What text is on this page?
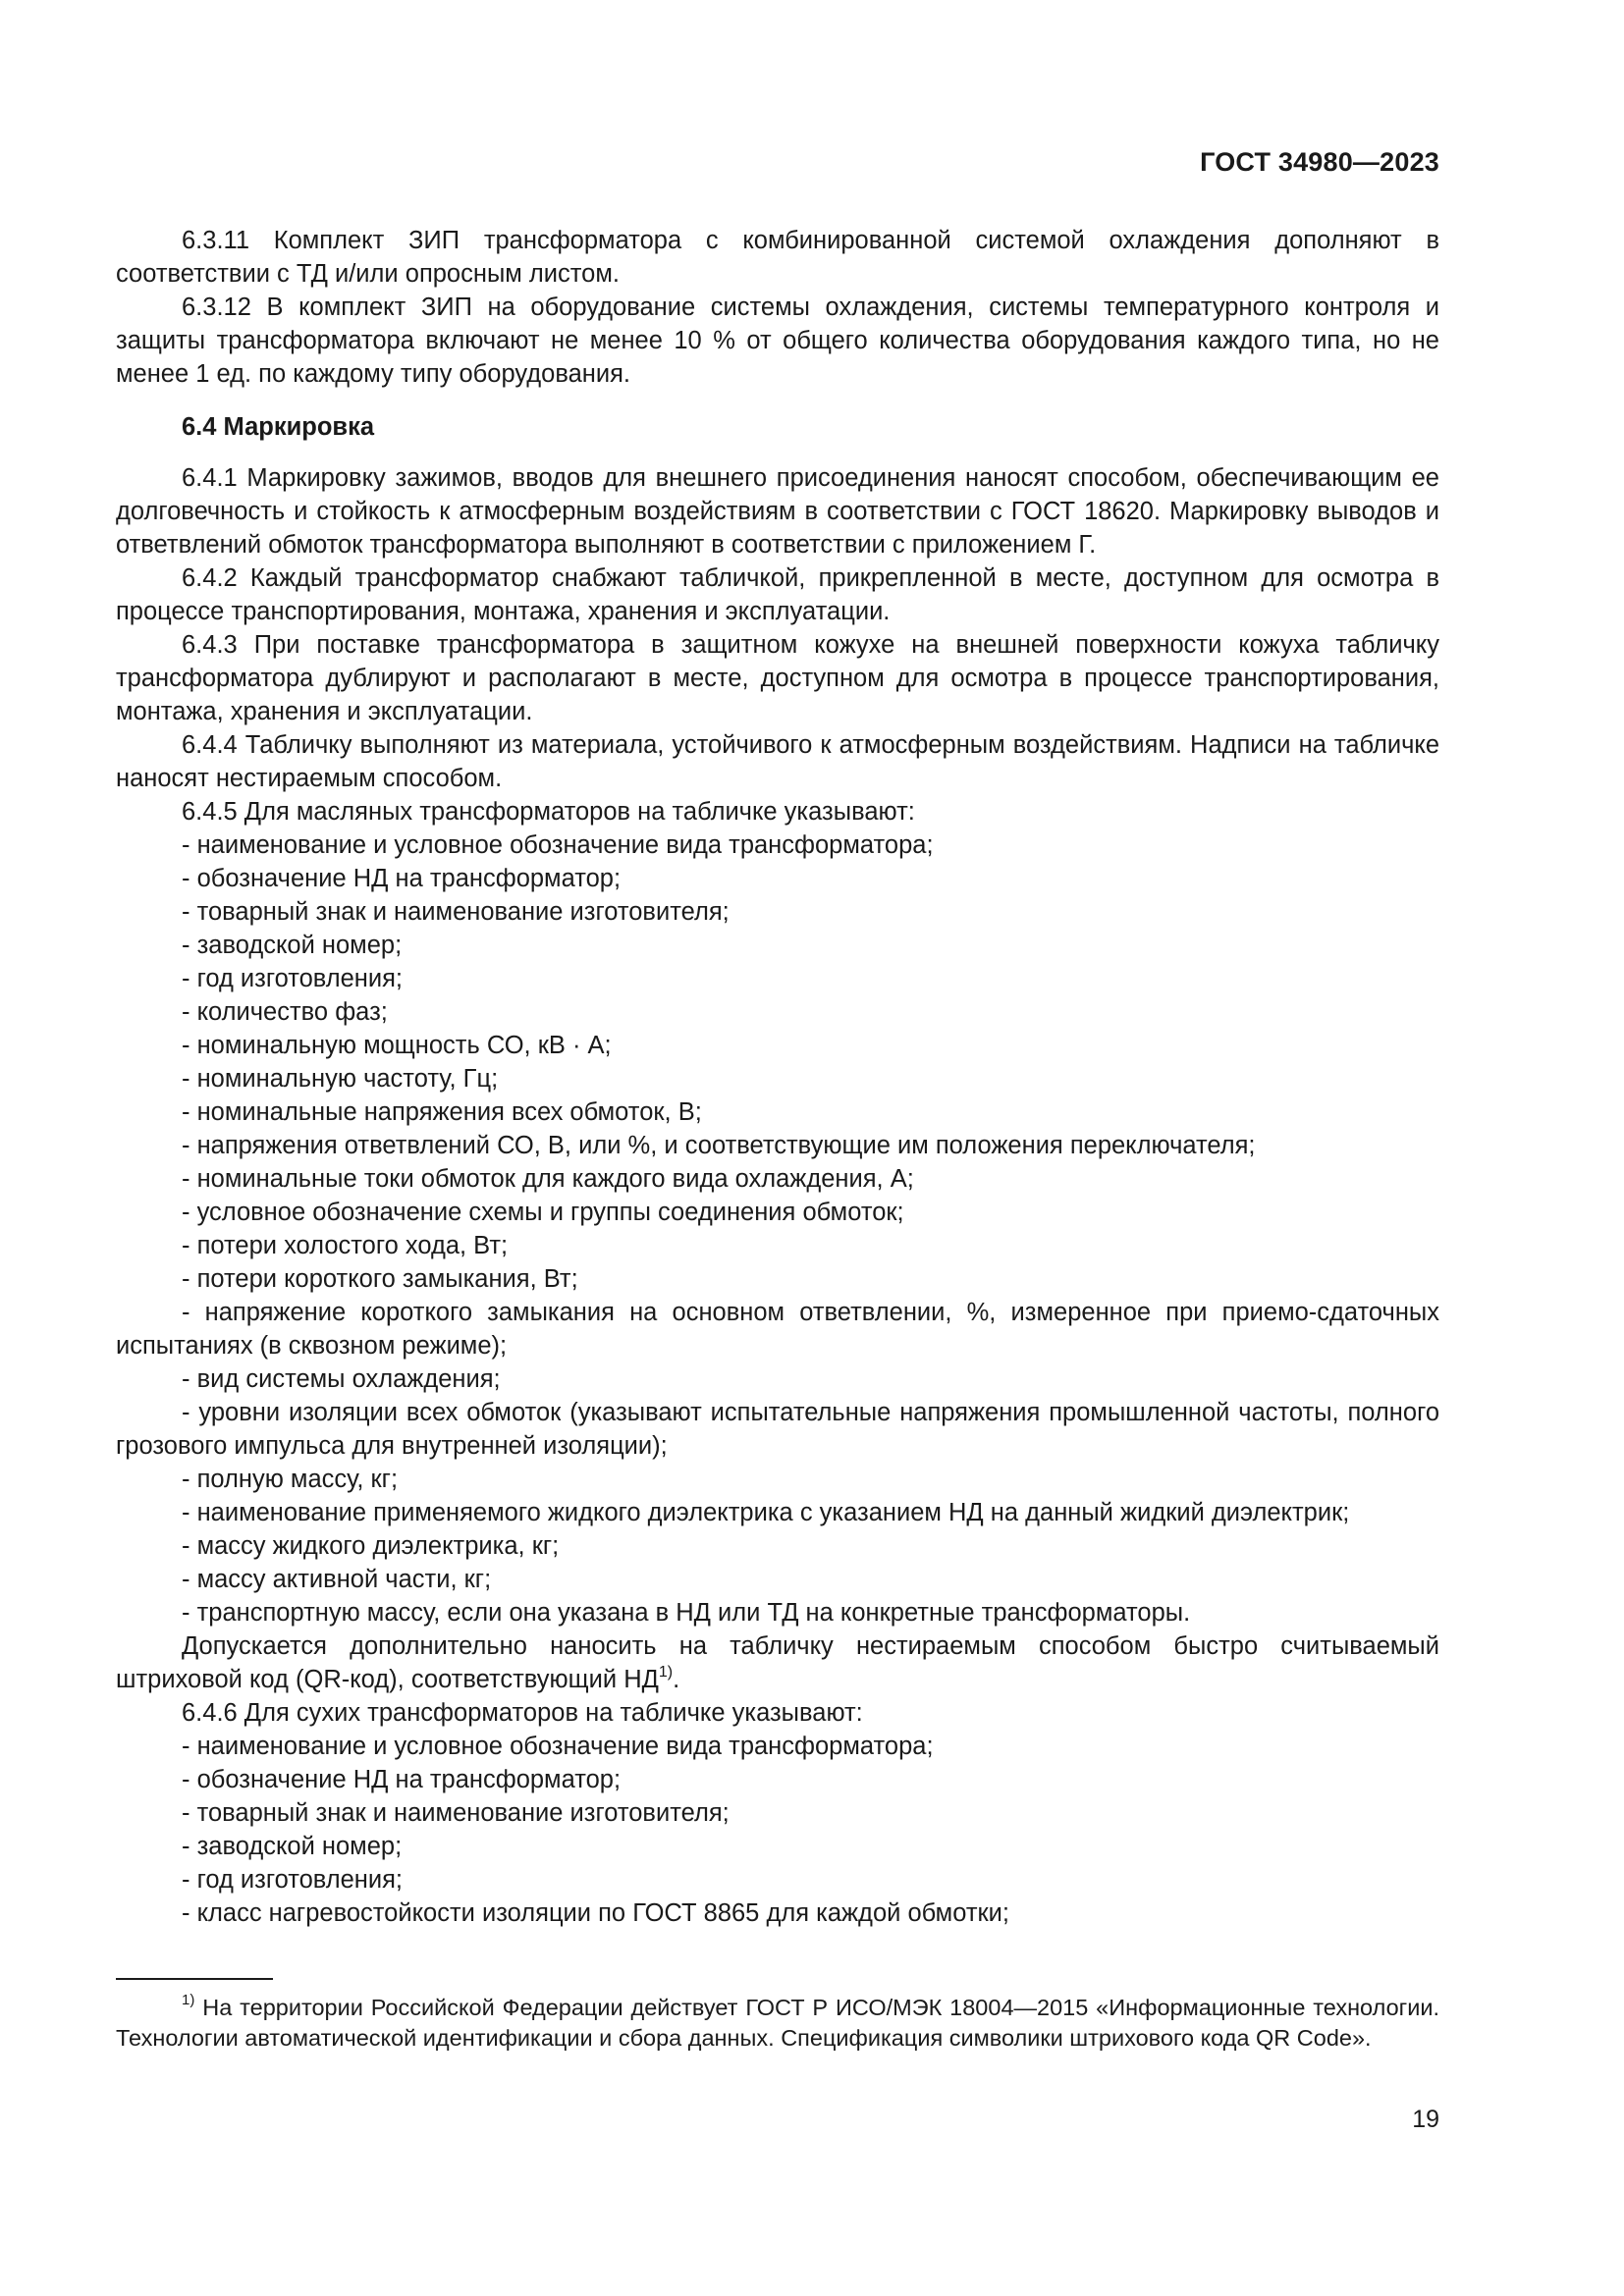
ГОСТ 34980—2023

6.3.11 Комплект ЗИП трансформатора с комбинированной системой охлаждения дополняют в соответствии с ТД и/или опросным листом.

6.3.12 В комплект ЗИП на оборудование системы охлаждения, системы температурного контроля и защиты трансформатора включают не менее 10 % от общего количества оборудования каждого типа, но не менее 1 ед. по каждому типу оборудования.

6.4 Маркировка

6.4.1 Маркировку зажимов, вводов для внешнего присоединения наносят способом, обеспечивающим ее долговечность и стойкость к атмосферным воздействиям в соответствии с ГОСТ 18620. Маркировку выводов и ответвлений обмоток трансформатора выполняют в соответствии с приложением Г.

6.4.2 Каждый трансформатор снабжают табличкой, прикрепленной в месте, доступном для осмотра в процессе транспортирования, монтажа, хранения и эксплуатации.

6.4.3 При поставке трансформатора в защитном кожухе на внешней поверхности кожуха табличку трансформатора дублируют и располагают в месте, доступном для осмотра в процессе транспортирования, монтажа, хранения и эксплуатации.

6.4.4 Табличку выполняют из материала, устойчивого к атмосферным воздействиям. Надписи на табличке наносят нестираемым способом.

6.4.5 Для масляных трансформаторов на табличке указывают:

- наименование и условное обозначение вида трансформатора;

- обозначение НД на трансформатор;

- товарный знак и наименование изготовителя;

- заводской номер;

- год изготовления;

- количество фаз;

- номинальную мощность СО, кВ · А;

- номинальную частоту, Гц;

- номинальные напряжения всех обмоток, В;

- напряжения ответвлений СО, В, или %, и соответствующие им положения переключателя;

- номинальные токи обмоток для каждого вида охлаждения, А;

- условное обозначение схемы и группы соединения обмоток;

- потери холостого хода, Вт;

- потери короткого замыкания, Вт;

- напряжение короткого замыкания на основном ответвлении, %, измеренное при приемо-сдаточных испытаниях (в сквозном режиме);

- вид системы охлаждения;

- уровни изоляции всех обмоток (указывают испытательные напряжения промышленной частоты, полного грозового импульса для внутренней изоляции);

- полную массу, кг;

- наименование применяемого жидкого диэлектрика с указанием НД на данный жидкий диэлектрик;

- массу жидкого диэлектрика, кг;

- массу активной части, кг;

- транспортную массу, если она указана в НД или ТД на конкретные трансформаторы.

Допускается дополнительно наносить на табличку нестираемым способом быстро считываемый штриховой код (QR-код), соответствующий НД$^{1)}$.

6.4.6 Для сухих трансформаторов на табличке указывают:

- наименование и условное обозначение вида трансформатора;

- обозначение НД на трансформатор;

- товарный знак и наименование изготовителя;

- заводской номер;

- год изготовления;

- класс нагревостойкости изоляции по ГОСТ 8865 для каждой обмотки;

$^{1)}$ На территории Российской Федерации действует ГОСТ Р ИСО/МЭК 18004—2015 «Информационные технологии. Технологии автоматической идентификации и сбора данных. Спецификация символики штрихового кода QR Code».

19
